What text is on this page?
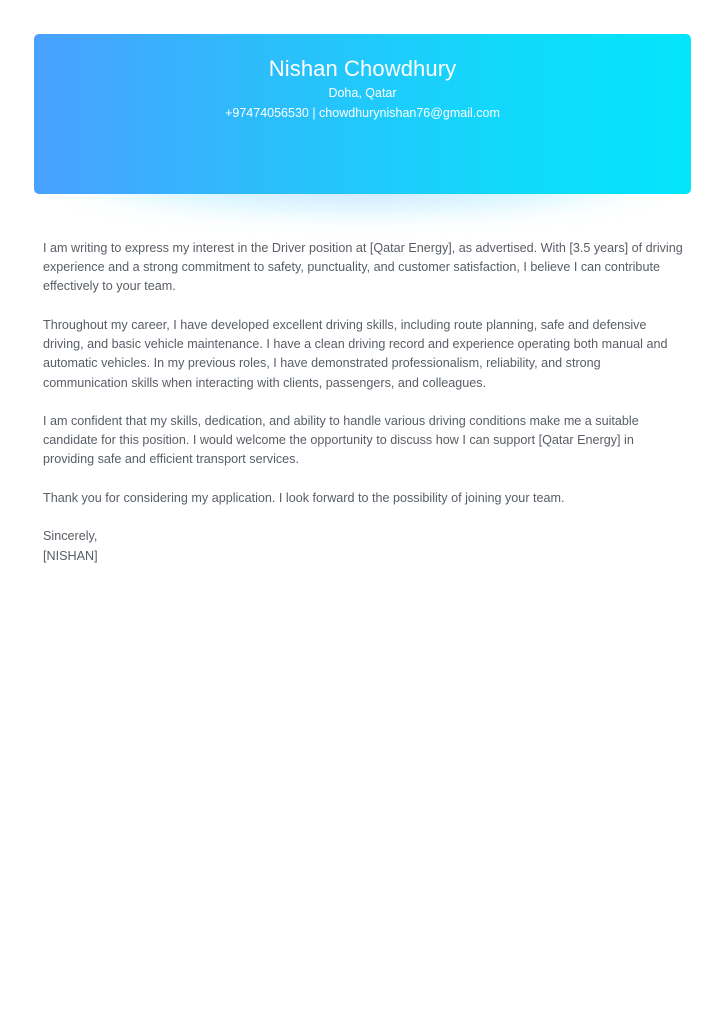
Nishan Chowdhury
Doha, Qatar
+97474056530 | chowdhurynishan76@gmail.com

I am writing to express my interest in the Driver position at [Qatar Energy], as advertised. With [3.5 years] of driving experience and a strong commitment to safety, punctuality, and customer satisfaction, I believe I can contribute effectively to your team.

Throughout my career, I have developed excellent driving skills, including route planning, safe and defensive driving, and basic vehicle maintenance. I have a clean driving record and experience operating both manual and automatic vehicles. In my previous roles, I have demonstrated professionalism, reliability, and strong communication skills when interacting with clients, passengers, and colleagues.

I am confident that my skills, dedication, and ability to handle various driving conditions make me a suitable candidate for this position. I would welcome the opportunity to discuss how I can support [Qatar Energy] in providing safe and efficient transport services.

Thank you for considering my application. I look forward to the possibility of joining your team.

Sincerely,
[NISHAN]
